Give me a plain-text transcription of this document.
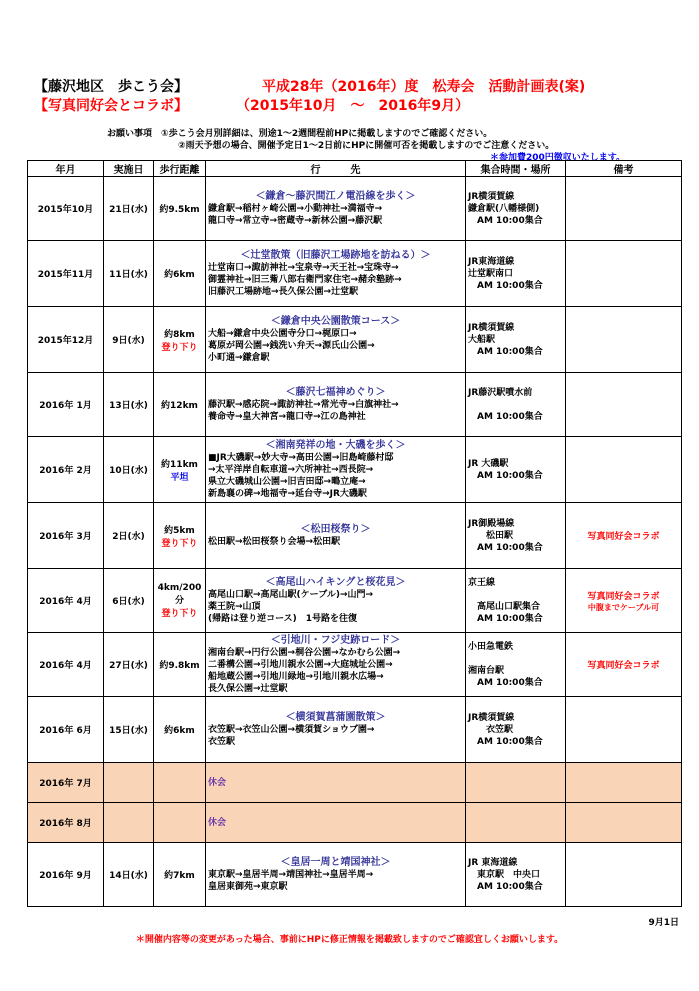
【藤沢地区　歩こう会】
【写真同好会とコラボ】
平成28年（2016年）度　松寿会　活動計画表(案)
（2015年10月　～　2016年9月）
お願い事項　①歩こう会月別詳細は、別途1～2週間程前HPに掲載しますのでご確認ください。
②雨天予想の場合、開催予定日1～2日前にHPに開催可否を掲載しますのでご注意ください。
＊参加費200円徴収いたします。
年月	実施日	歩行距離	行　　　先	集合時間・場所	備考
2015年10月	21日(水)	約9.5km	＜鎌倉～藤沢間江ノ電沿線を歩く＞
鎌倉駅→稲村ヶ崎公園→小動神社→満福寺→
龍口寺→常立寺→密蔵寺→新林公園→藤沢駅	JR横須賀線
鎌倉駅(八幡様側)
　AM 10:00集合	
2015年11月	11日(水)	約6km	＜辻堂散策（旧藤沢工場跡地を訪ねる）＞
辻堂南口→諏訪神社→宝泉寺→天王社→宝珠寺→
御霊神社→旧三觜八郎右衛門家住宅→赭余塾跡→
旧藤沢工場跡地→長久保公園→辻堂駅	JR東海道線
辻堂駅南口
　AM 10:00集合	
2015年12月	9日(水)	約8km
登り下り	＜鎌倉中央公園散策コース＞
大船→鎌倉中央公園寺分口→梶原口→
葛原が岡公園→銭洗い弁天→源氏山公園→
小町通→鎌倉駅	JR横須賀線
大船駅
　AM 10:00集合	
2016年 1月	13日(水)	約12km	＜藤沢七福神めぐり＞
藤沢駅→感応院→諏訪神社→常光寺→白旗神社→
養命寺→皇大神宮→龍口寺→江の島神社	JR藤沢駅噴水前

　AM 10:00集合	
2016年 2月	10日(水)	約11km
平坦	＜湘南発祥の地・大磯を歩く＞
■JR大磯駅→妙大寺→高田公園→旧島崎藤村邸
→太平洋岸自転車道→六所神社→西長院→
県立大磯城山公園→旧吉田邸→鴫立庵→
新島襄の碑→地福寺→延台寺→JR大磯駅	JR 大磯駅
　AM 10:00集合	
2016年 3月	2日(水)	約5km
登り下り	＜松田桜祭り＞
松田駅→松田桜祭り会場→松田駅	JR御殿場線
　　松田駅
　AM 10:00集合	写真同好会コラボ

2016年 4月	6日(水)	4km/200分
登り下り	＜高尾山ハイキングと桜花見＞
高尾山口駅→高尾山駅(ケーブル)→山門→
薬王院→山頂
(帰路は登り逆コース)　1号路を往復	京王線

　高尾山口駅集合
　AM 10:00集合	写真同好会コラボ
中腹までケーブル可

2016年 4月	27日(水)	約9.8km	＜引地川・フジ史跡ロード＞
湘南台駅→円行公園→桐谷公園→なかむら公園→
二番構公園→引地川親水公園→大庭城址公園→
船地蔵公園→引地川緑地→引地川親水広場→
長久保公園→辻堂駅	小田急電鉄

湘南台駅
　AM 10:00集合	写真同好会コラボ

2016年 6月	15日(水)	約6km	＜横須賀菖蒲園散策＞
衣笠駅→衣笠山公園→横須賀ショウブ園→
衣笠駅	JR横須賀線
　　衣笠駅
　AM 10:00集合	
2016年 7月			休会		
2016年 8月			休会		
2016年 9月	14日(水)	約7km	＜皇居一周と靖国神社＞
東京駅→皇居半周→靖国神社→皇居半周→
皇居東御苑→東京駅	JR 東海道線
　東京駅　中央口
　AM 10:00集合	
9月1日
＊開催内容等の変更があった場合、事前にHPに修正情報を掲載致しますのでご確認宜しくお願いします。
